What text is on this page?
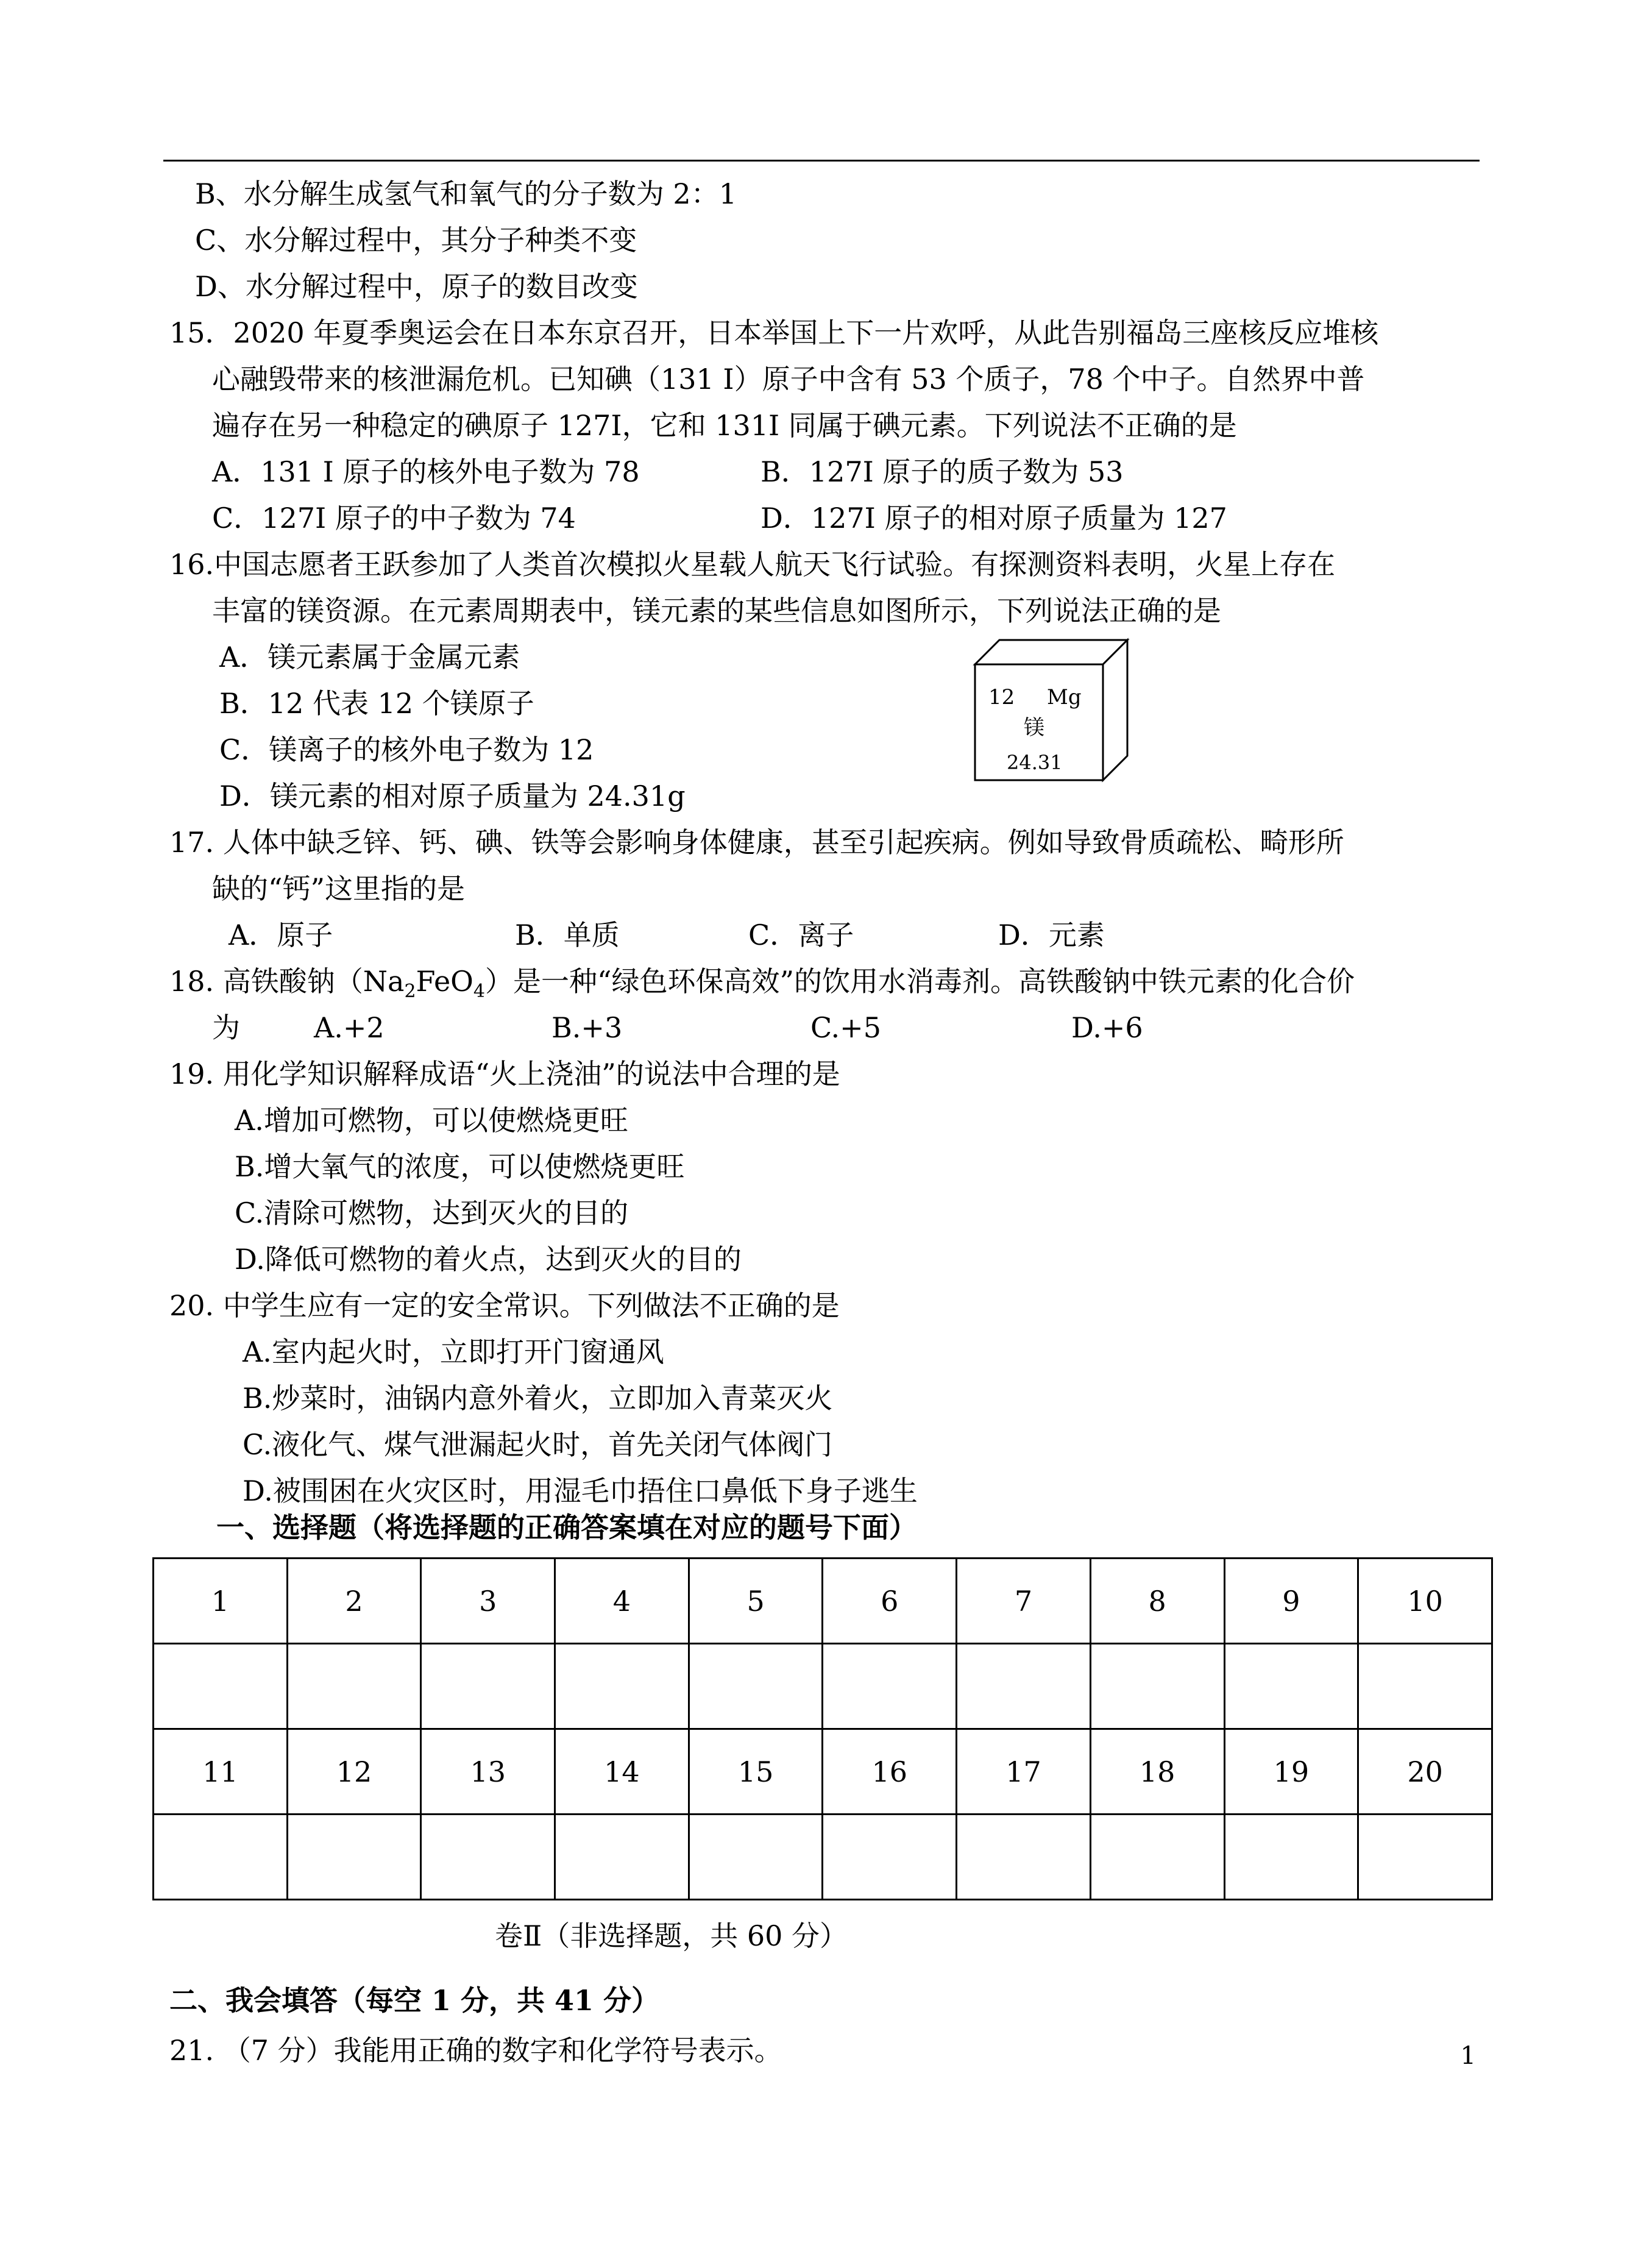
B、水分解生成氢气和氧气的分子数为 2：1
C、水分解过程中，其分子种类不变
D、水分解过程中，原子的数目改变
15．2020 年夏季奥运会在日本东京召开，日本举国上下一片欢呼，从此告别福岛三座核反应堆核
心融毁带来的核泄漏危机。已知碘（131 I）原子中含有 53 个质子，78 个中子。自然界中普
遍存在另一种稳定的碘原子 127I，它和 131I 同属于碘元素。下列说法不正确的是
A．131 I 原子的核外电子数为 78	B．127I 原子的质子数为 53
C．127I 原子的中子数为 74	D．127I 原子的相对原子质量为 127
16.中国志愿者王跃参加了人类首次模拟火星载人航天飞行试验。有探测资料表明，火星上存在
丰富的镁资源。在元素周期表中，镁元素的某些信息如图所示，下列说法正确的是
A．镁元素属于金属元素
B．12 代表 12 个镁原子
C．镁离子的核外电子数为 12
D．镁元素的相对原子质量为 24.31g
12 Mg
镁
24.31
17. 人体中缺乏锌、钙、碘、铁等会影响身体健康，甚至引起疾病。例如导致骨质疏松、畸形所
缺的“钙”这里指的是
A．原子	B．单质	C．离子	D．元素
18. 高铁酸钠$(Na_2FeO_4)$是一种“绿色环保高效”的饮用水消毒剂。高铁酸钠中铁元素的化合价
为	A.+2	B.+3	C.+5	D.+6
19. 用化学知识解释成语“火上浇油”的说法中合理的是
A.增加可燃物，可以使燃烧更旺
B.增大氧气的浓度，可以使燃烧更旺
C.清除可燃物，达到灭火的目的
D.降低可燃物的着火点，达到灭火的目的
20. 中学生应有一定的安全常识。下列做法不正确的是
A.室内起火时，立即打开门窗通风
B.炒菜时，油锅内意外着火，立即加入青菜灭火
C.液化气、煤气泄漏起火时，首先关闭气体阀门
D.被围困在火灾区时，用湿毛巾捂住口鼻低下身子逃生
一、选择题（将选择题的正确答案填在对应的题号下面）
1	2	3	4	5	6	7	8	9	10

11	12	13	14	15	16	17	18	19	20

卷Ⅱ（非选择题，共 60 分）
二、我会填答（每空 1 分，共 41 分）
21. （7 分）我能用正确的数字和化学符号表示。	1
